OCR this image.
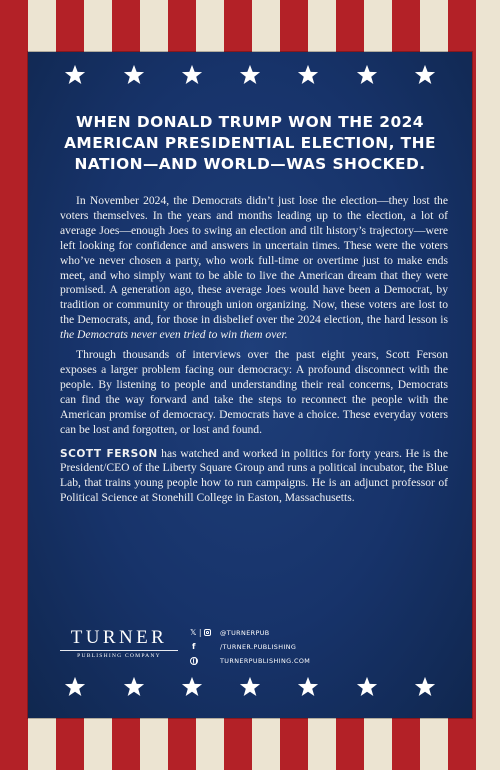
WHEN DONALD TRUMP WON THE 2024 AMERICAN PRESIDENTIAL ELECTION, THE NATION—AND WORLD—WAS SHOCKED.

In November 2024, the Democrats didn’t just lose the election—they lost the voters themselves. In the years and months leading up to the election, a lot of average Joes—enough Joes to swing an election and tilt history’s trajectory—were left looking for confidence and answers in uncertain times. These were the voters who’ve never chosen a party, who work full-time or overtime just to make ends meet, and who simply want to be able to live the American dream that they were promised. A generation ago, these average Joes would have been a Democrat, by tradition or community or through union organizing. Now, these voters are lost to the Democrats, and, for those in disbelief over the 2024 election, the hard lesson is the Democrats never even tried to win them over.

Through thousands of interviews over the past eight years, Scott Ferson exposes a larger problem facing our democracy: A profound disconnect with the people. By listening to people and understanding their real concerns, Democrats can find the way forward and take the steps to reconnect the people with the American promise of democracy. Democrats have a choice. These everyday voters can be lost and forgotten, or lost and found.

SCOTT FERSON has watched and worked in politics for forty years. He is the President/CEO of the Liberty Square Group and runs a political incubator, the Blue Lab, that trains young people how to run campaigns. He is an adjunct professor of Political Science at Stonehill College in Easton, Massachusetts.

TURNER
PUBLISHING COMPANY
𝕏 |	@TURNERPUB
f	/TURNER.PUBLISHING
TURNERPUBLISHING.COM
